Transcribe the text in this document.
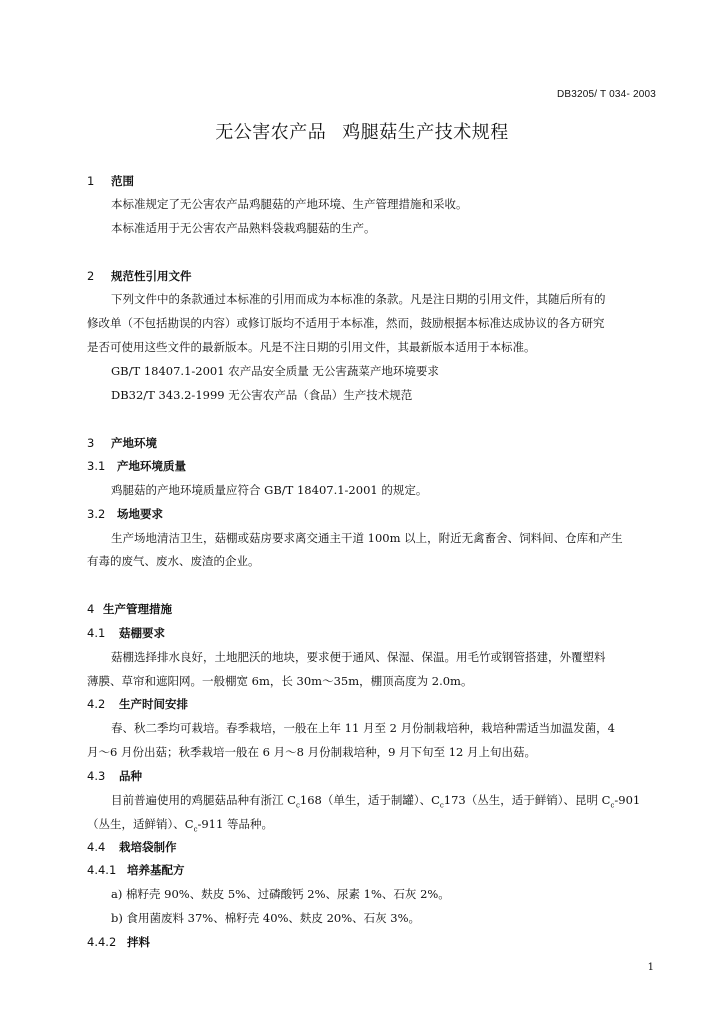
DB3205/ T 034- 2003
无公害农产品 鸡腿菇生产技术规程
1 范围
本标准规定了无公害农产品鸡腿菇的产地环境、生产管理措施和采收。
本标准适用于无公害农产品熟料袋栽鸡腿菇的生产。
2 规范性引用文件
下列文件中的条款通过本标准的引用而成为本标准的条款。凡是注日期的引用文件，其随后所有的
修改单（不包括勘误的内容）或修订版均不适用于本标准，然而，鼓励根据本标准达成协议的各方研究
是否可使用这些文件的最新版本。凡是不注日期的引用文件，其最新版本适用于本标准。
GB/T 18407.1-2001 农产品安全质量 无公害蔬菜产地环境要求
DB32/T 343.2-1999 无公害农产品（食品）生产技术规范
3 产地环境
3.1 产地环境质量
鸡腿菇的产地环境质量应符合 GB/T 18407.1-2001 的规定。
3.2 场地要求
生产场地清洁卫生，菇棚或菇房要求离交通主干道 100m 以上，附近无禽畜舍、饲料间、仓库和产生
有毒的废气、废水、废渣的企业。
4 生产管理措施
4.1 菇棚要求
菇棚选择排水良好，土地肥沃的地块，要求便于通风、保湿、保温。用毛竹或钢管搭建，外覆塑料
薄膜、草帘和遮阳网。一般棚宽 6m，长 30m～35m，棚顶高度为 2.0m。
4.2 生产时间安排
春、秋二季均可栽培。春季栽培，一般在上年 11 月至 2 月份制栽培种，栽培种需适当加温发菌，4
月～6 月份出菇；秋季栽培一般在 6 月～8 月份制栽培种，9 月下旬至 12 月上旬出菇。
4.3 品种
目前普遍使用的鸡腿菇品种有浙江 $C_c168$（单生，适于制罐）、$C_c173$（丛生，适于鲜销）、昆明 $C_c-901$
（丛生，适鲜销）、$C_c-911$ 等品种。
4.4 栽培袋制作
4.4.1 培养基配方
a) 棉籽壳 90%、麸皮 5%、过磷酸钙 2%、尿素 1%、石灰 2%。
b) 食用菌废料 37%、棉籽壳 40%、麸皮 20%、石灰 3%。
4.4.2 拌料
1
